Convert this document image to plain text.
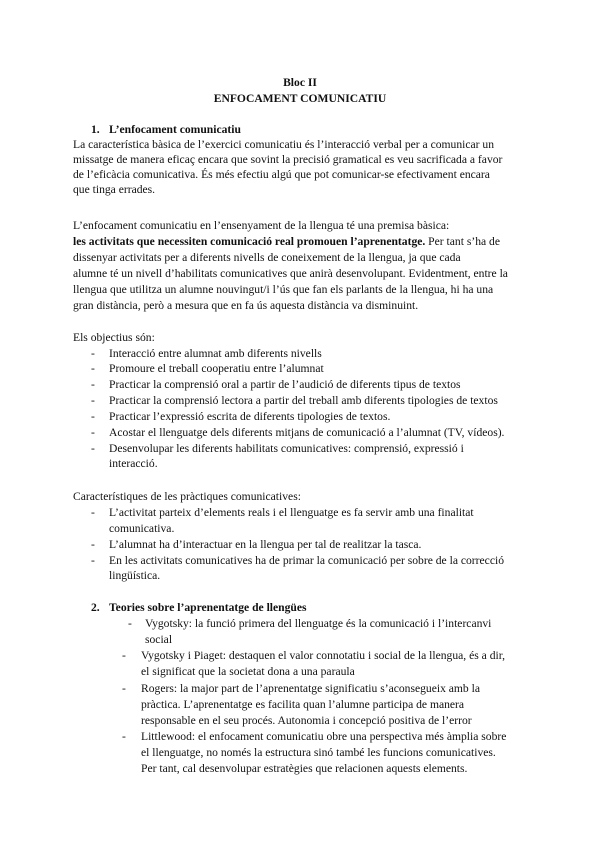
Bloc II
ENFOCAMENT COMUNICATIU
1. L’enfocament comunicatiu
La característica bàsica de l’exercici comunicatiu és l’interacció verbal per a comunicar un
missatge de manera eficaç encara que sovint la precisió gramatical es veu sacrificada a favor
de l’eficàcia comunicativa. És més efectiu algú que pot comunicar-se efectivament encara
que tinga errades.
L’enfocament comunicatiu en l’ensenyament de la llengua té una premisa bàsica:
les activitats que necessiten comunicació real promouen l’aprenentatge. Per tant s’ha de
dissenyar activitats per a diferents nivells de coneixement de la llengua, ja que cada
alumne té un nivell d’habilitats comunicatives que anirà desenvolupant. Evidentment, entre la
llengua que utilitza un alumne nouvingut/i l’ús que fan els parlants de la llengua, hi ha una
gran distància, però a mesura que en fa ús aquesta distància va disminuint.
Els objectius són:
- Interacció entre alumnat amb diferents nivells
- Promoure el treball cooperatiu entre l’alumnat
- Practicar la comprensió oral a partir de l’audició de diferents tipus de textos
- Practicar la comprensió lectora a partir del treball amb diferents tipologies de textos
- Practicar l’expressió escrita de diferents tipologies de textos.
- Acostar el llenguatge dels diferents mitjans de comunicació a l’alumnat (TV, vídeos).
- Desenvolupar les diferents habilitats comunicatives: comprensió, expressió i
interacció.
Característiques de les pràctiques comunicatives:
- L’activitat parteix d’elements reals i el llenguatge es fa servir amb una finalitat
comunicativa.
- L’alumnat ha d’interactuar en la llengua per tal de realitzar la tasca.
- En les activitats comunicatives ha de primar la comunicació per sobre de la correcció
lingüística.
2. Teories sobre l’aprenentatge de llengües
- Vygotsky: la funció primera del llenguatge és la comunicació i l’intercanvi
social
- Vygotsky i Piaget: destaquen el valor connotatiu i social de la llengua, és a dir,
el significat que la societat dona a una paraula
- Rogers: la major part de l’aprenentatge significatiu s’aconsegueix amb la
pràctica. L’aprenentatge es facilita quan l’alumne participa de manera
responsable en el seu procés. Autonomia i concepció positiva de l’error
- Littlewood: el enfocament comunicatiu obre una perspectiva més àmplia sobre
el llenguatge, no només la estructura sinó també les funcions comunicatives.
Per tant, cal desenvolupar estratègies que relacionen aquests elements.
